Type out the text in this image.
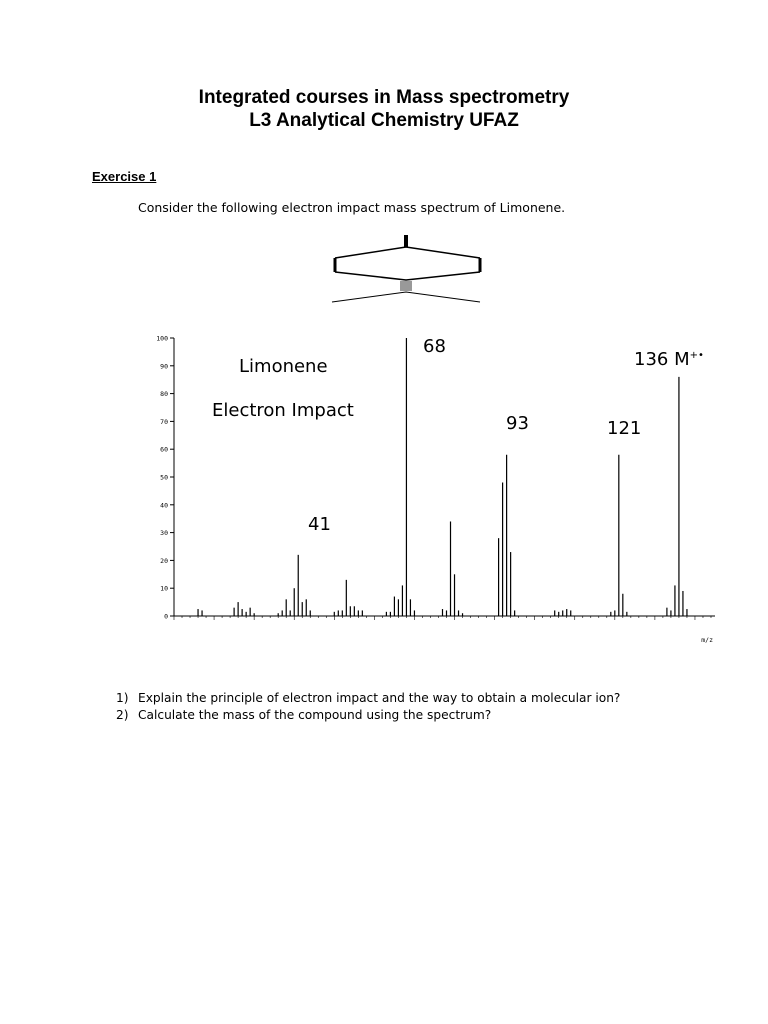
Integrated courses in Mass spectrometry
L3 Analytical Chemistry UFAZ
Exercise 1
Consider the following electron impact mass spectrum of Limonene.
100
90
80
70
60
50
40
30
20
10
0
m/z
Limonene
Electron Impact
41
68
93	121
136 M+•
1) Explain the principle of electron impact and the way to obtain a molecular ion?
2) Calculate the mass of the compound using the spectrum?
